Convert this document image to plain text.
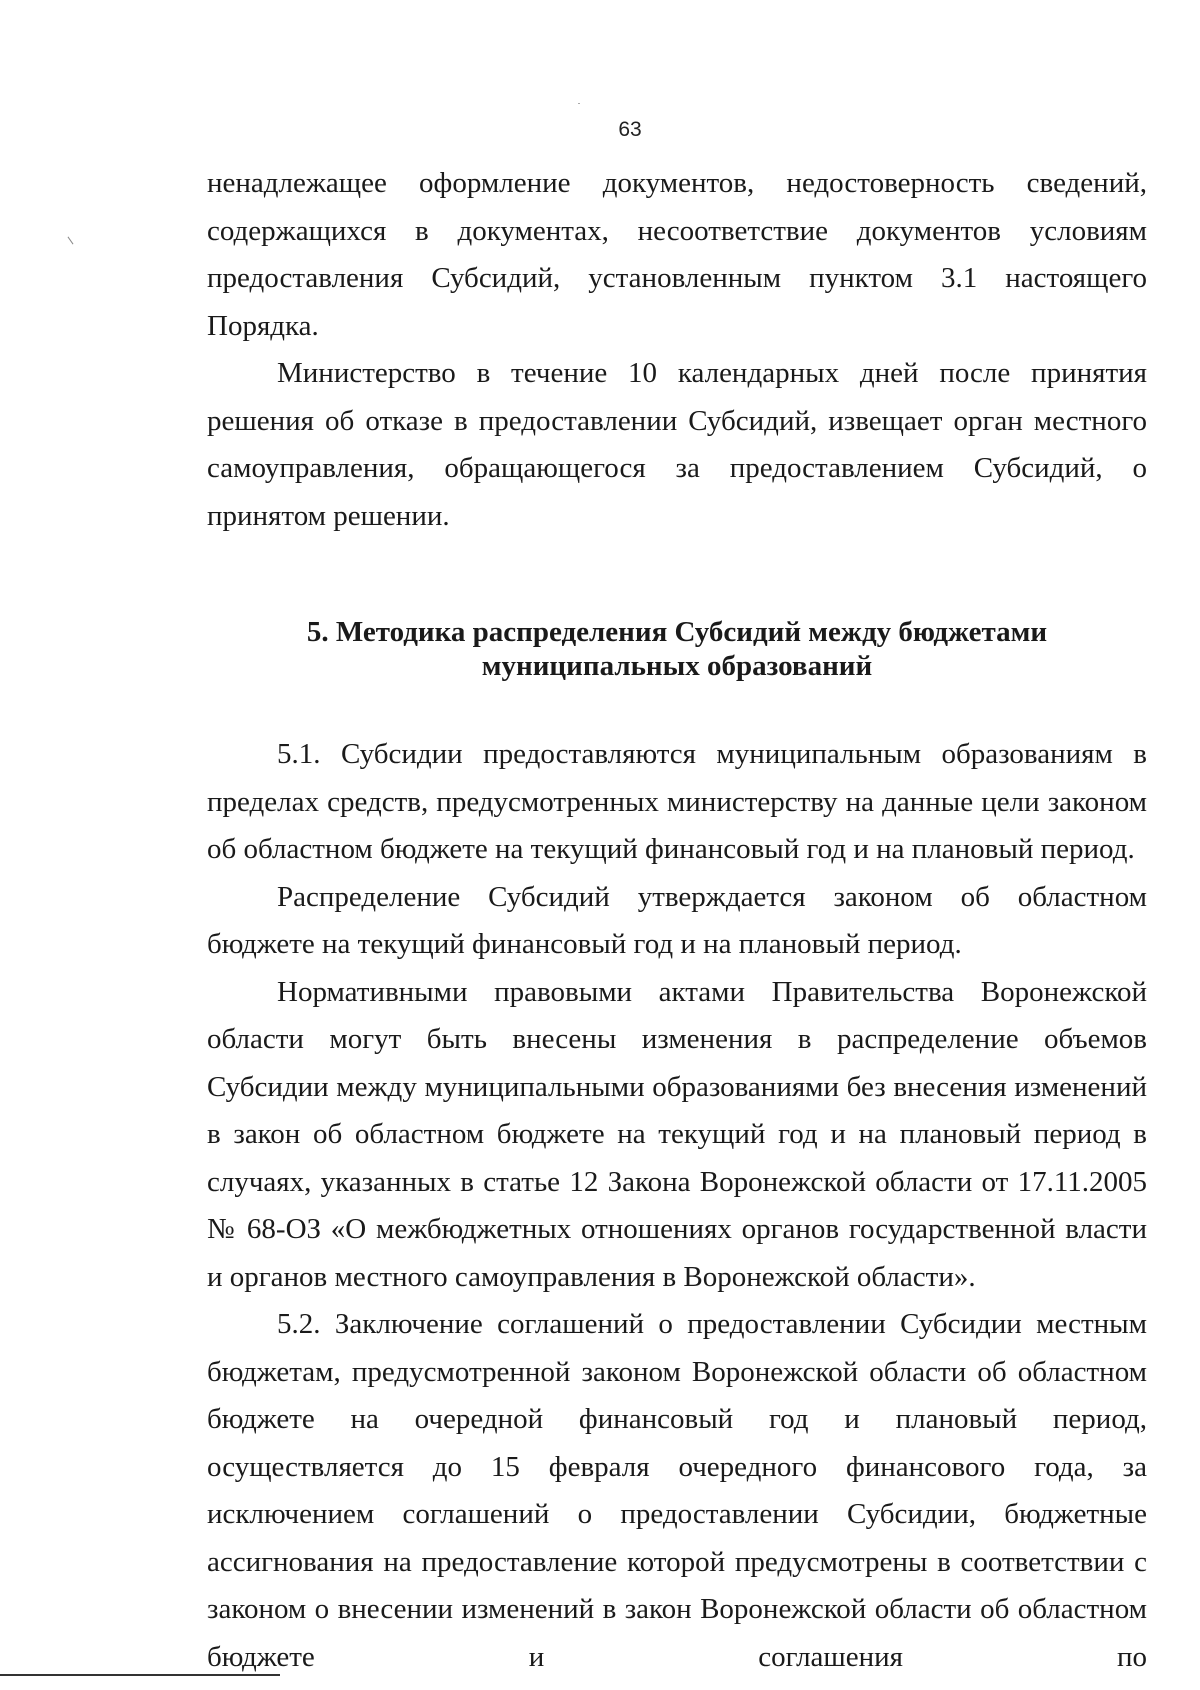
63

ненадлежащее оформление документов, недостоверность сведений, содержащихся в документах, несоответствие документов условиям предоставления Субсидий, установленным пунктом 3.1 настоящего Порядка.

Министерство в течение 10 календарных дней после принятия решения об отказе в предоставлении Субсидий, извещает орган местного самоуправления, обращающегося за предоставлением Субсидий, о принятом решении.

5. Методика распределения Субсидий между бюджетами
муниципальных образований

5.1. Субсидии предоставляются муниципальным образованиям в пределах средств, предусмотренных министерству на данные цели законом об областном бюджете на текущий финансовый год и на плановый период.

Распределение Субсидий утверждается законом об областном бюджете на текущий финансовый год и на плановый период.

Нормативными правовыми актами Правительства Воронежской области могут быть внесены изменения в распределение объемов Субсидии между муниципальными образованиями без внесения изменений в закон об областном бюджете на текущий год и на плановый период в случаях, указанных в статье 12 Закона Воронежской области от 17.11.2005 № 68-ОЗ «О межбюджетных отношениях органов государственной власти и органов местного самоуправления в Воронежской области».

5.2. Заключение соглашений о предоставлении Субсидии местным бюджетам, предусмотренной законом Воронежской области об областном бюджете на очередной финансовый год и плановый период, осуществляется до 15 февраля очередного финансового года, за исключением соглашений о предоставлении Субсидии, бюджетные ассигнования на предоставление которой предусмотрены в соответствии с законом о внесении изменений в закон Воронежской области об областном бюджете и соглашения по
